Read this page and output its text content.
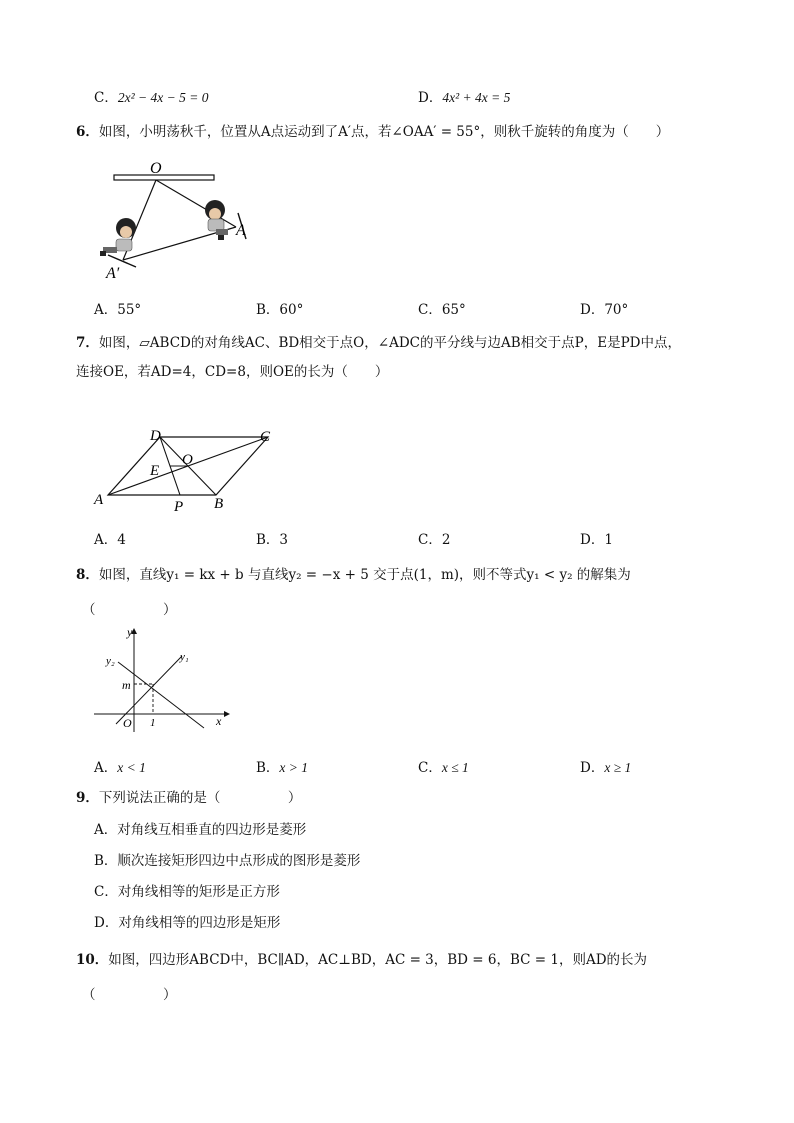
C．2x² − 4x − 5 = 0	D．4x² + 4x = 5
6．如图，小明荡秋千，位置从A点运动到了A′点，若∠OAA′ = 55°，则秋千旋转的角度为（　　）
O
A
A′
A．55°	B．60°	C．65°	D．70°
7．如图，▱ABCD的对角线AC、BD相交于点O，∠ADC的平分线与边AB相交于点P，E是PD中点，
连接OE，若AD=4，CD=8，则OE的长为（　　）
D	C
A	B
E
O
P
A．4	B．3	C．2	D．1
8．如图，直线y₁ = kx + b 与直线y₂ = −x + 5 交于点(1，m)，则不等式y₁ < y₂ 的解集为
（　　　　　）
y
x
O
m
1
y₁
y₂
A．x < 1	B．x > 1	C．x ≤ 1	D．x ≥ 1
9．下列说法正确的是（　　　　　）
A．对角线互相垂直的四边形是菱形
B．顺次连接矩形四边中点形成的图形是菱形
C．对角线相等的矩形是正方形
D．对角线相等的四边形是矩形
10．如图，四边形ABCD中，BC∥AD，AC⊥BD，AC = 3，BD = 6，BC = 1，则AD的长为
（　　　　　）
